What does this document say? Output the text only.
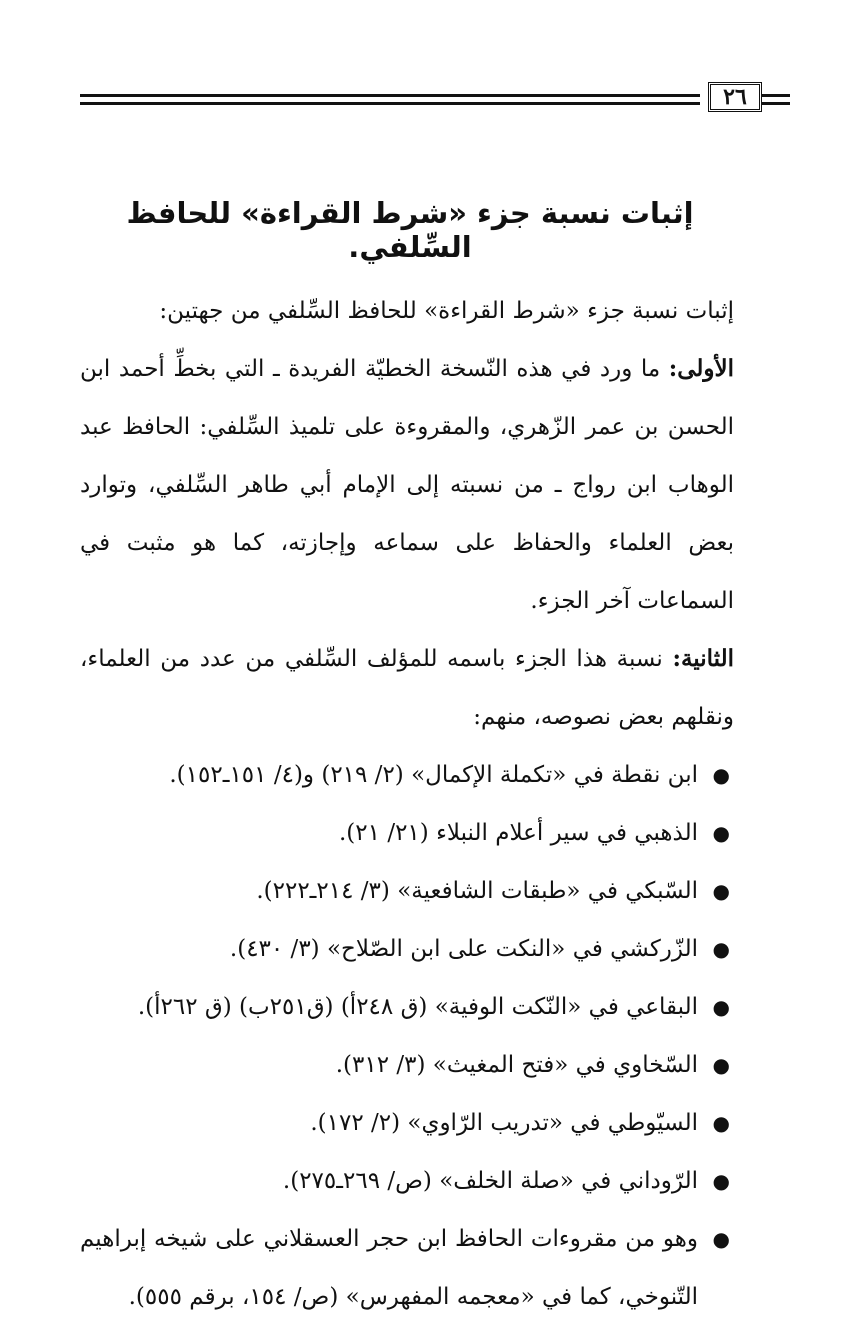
٢٦
إثبات نسبة جزء «شرط القراءة» للحافظ السِّلفي.

إثبات نسبة جزء «شرط القراءة» للحافظ السِّلفي من جهتين:

الأولى: ما ورد في هذه النّسخة الخطيّة الفريدة ـ التي بخطِّ أحمد ابن الحسن بن عمر الزّهري، والمقروءة على تلميذ السِّلفي: الحافظ عبد الوهاب ابن رواج ـ من نسبته إلى الإمام أبي طاهر السِّلفي، وتوارد بعض العلماء والحفاظ على سماعه وإجازته، كما هو مثبت في السماعات آخر الجزء.

الثانية: نسبة هذا الجزء باسمه للمؤلف السِّلفي من عدد من العلماء، ونقلهم بعض نصوصه، منهم:

●
ابن نقطة في «تكملة الإكمال» (٢/ ٢١٩) و(٤/ ١٥١ـ١٥٢).
●
الذهبي في سير أعلام النبلاء (٢١/ ٢١).
●
السّبكي في «طبقات الشافعية» (٣/ ٢١٤ـ٢٢٢).
●
الزّركشي في «النكت على ابن الصّلاح» (٣/ ٤٣٠).
●
البقاعي في «النّكت الوفية» (ق ٢٤٨أ) (ق٢٥١ب) (ق ٢٦٢أ).
●
السّخاوي في «فتح المغيث» (٣/ ٣١٢).
●
السيّوطي في «تدريب الرّاوي» (٢/ ١٧٢).
●
الرّوداني في «صلة الخلف» (ص/ ٢٦٩ـ٢٧٥).
●
وهو من مقروءات الحافظ ابن حجر العسقلاني على شيخه إبراهيم التّنوخي، كما في «معجمه المفهرس» (ص/ ١٥٤، برقم ٥٥٥).
